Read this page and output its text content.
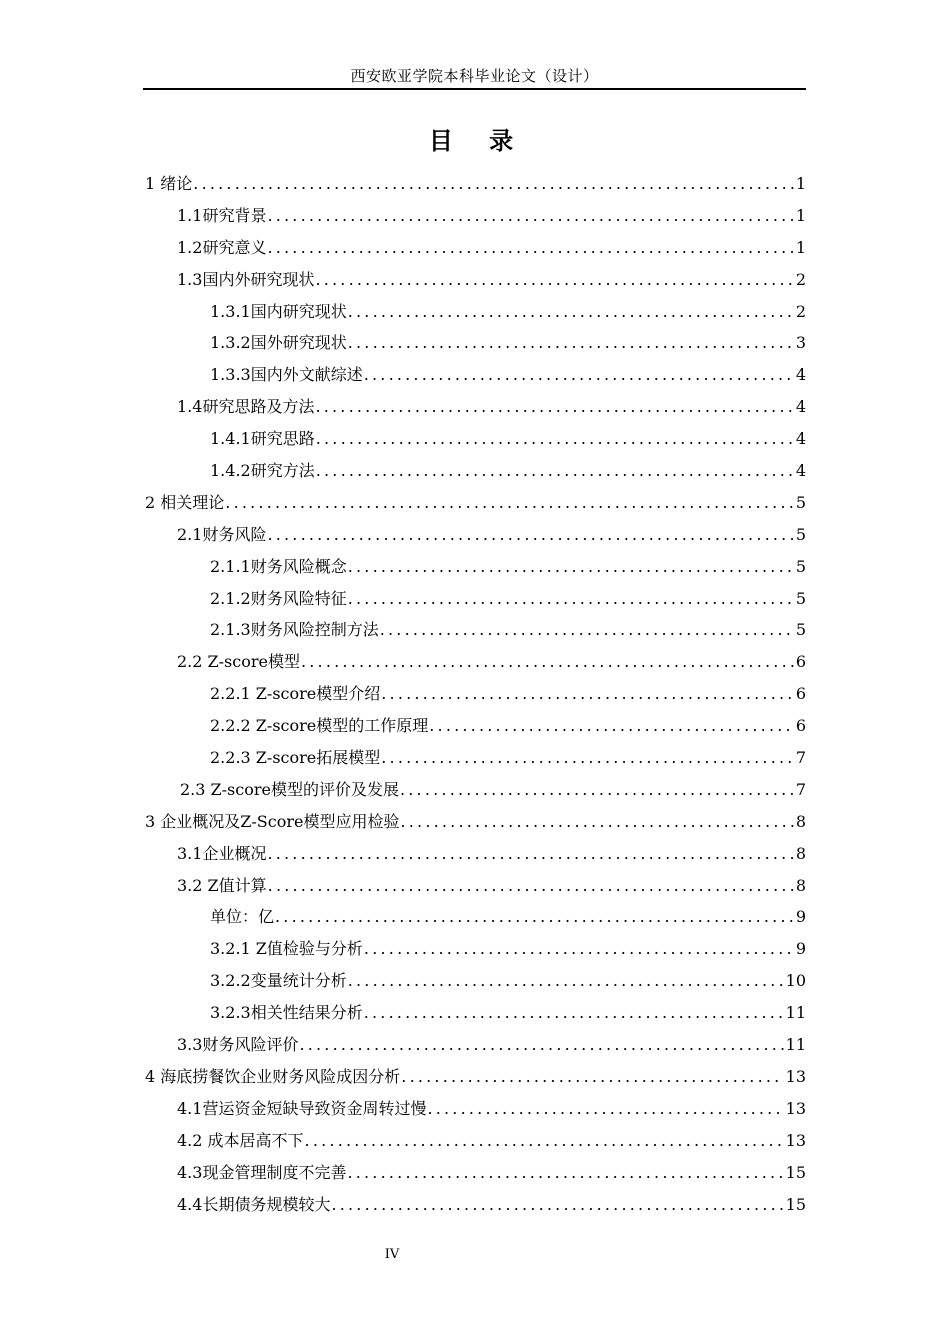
西安欧亚学院本科毕业论文（设计）
目 录
1 绪论 .....	1
1.1研究背景 .....	1
1.2研究意义 .....	1
1.3国内外研究现状 .....	2
1.3.1国内研究现状 .....	2
1.3.2国外研究现状 .....	3
1.3.3国内外文献综述 .....	4
1.4研究思路及方法 .....	4
1.4.1研究思路 .....	4
1.4.2研究方法 .....	4
2 相关理论 .....	5
2.1财务风险 .....	5
2.1.1财务风险概念 .....	5
2.1.2财务风险特征 .....	5
2.1.3财务风险控制方法 .....	5
2.2 Z-score模型 .....	6
2.2.1 Z-score模型介绍 .....	6
2.2.2 Z-score模型的工作原理 .....	6
2.2.3 Z-score拓展模型 .....	7
2.3 Z-score模型的评价及发展 .....	7
3 企业概况及Z-Score模型应用检验 .....	8
3.1企业概况 .....	8
3.2 Z值计算 .....	8
单位：亿 .....	9
3.2.1 Z值检验与分析 .....	9
3.2.2变量统计分析 .....	10
3.2.3相关性结果分析 .....	11
3.3财务风险评价 .....	11
4 海底捞餐饮企业财务风险成因分析 .....	13
4.1营运资金短缺导致资金周转过慢 .....	13
4.2 成本居高不下 .....	13
4.3现金管理制度不完善 .....	15
4.4长期债务规模较大 .....	15
IV
